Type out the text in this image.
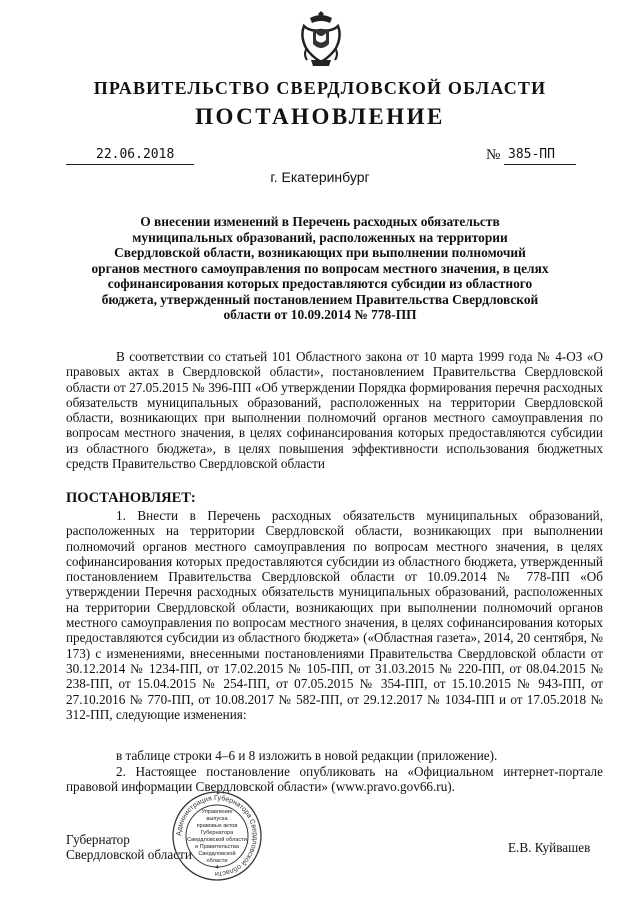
ПРАВИТЕЛЬСТВО СВЕРДЛОВСКОЙ ОБЛАСТИ
ПОСТАНОВЛЕНИЕ
22.06.2018	№ 385-ПП
г. Екатеринбург
О внесении изменений в Перечень расходных обязательств муниципальных образований, расположенных на территории Свердловской области, возникающих при выполнении полномочий органов местного самоуправления по вопросам местного значения, в целях софинансирования которых предоставляются субсидии из областного бюджета, утвержденный постановлением Правительства Свердловской области от 10.09.2014 № 778-ПП
В соответствии со статьей 101 Областного закона от 10 марта 1999 года № 4-ОЗ «О правовых актах в Свердловской области», постановлением Правительства Свердловской области от 27.05.2015 № 396-ПП «Об утверждении Порядка формирования перечня расходных обязательств муниципальных образований, расположенных на территории Свердловской области, возникающих при выполнении полномочий органов местного самоуправления по вопросам местного значения, в целях софинансирования которых предоставляются субсидии из областного бюджета», в целях повышения эффективности использования бюджетных средств Правительство Свердловской области
ПОСТАНОВЛЯЕТ:
1. Внести в Перечень расходных обязательств муниципальных образований, расположенных на территории Свердловской области, возникающих при выполнении полномочий органов местного самоуправления по вопросам местного значения, в целях софинансирования которых предоставляются субсидии из областного бюджета, утвержденный постановлением Правительства Свердловской области от 10.09.2014 № 778-ПП «Об утверждении Перечня расходных обязательств муниципальных образований, расположенных на территории Свердловской области, возникающих при выполнении полномочий органов местного самоуправления по вопросам местного значения, в целях софинансирования которых предоставляются субсидии из областного бюджета» («Областная газета», 2014, 20 сентября, № 173) с изменениями, внесенными постановлениями Правительства Свердловской области от 30.12.2014 № 1234-ПП, от 17.02.2015 № 105-ПП, от 31.03.2015 № 220-ПП, от 08.04.2015 № 238-ПП, от 15.04.2015 № 254-ПП, от 07.05.2015 № 354-ПП, от 15.10.2015 № 943-ПП, от 27.10.2016 № 770-ПП, от 10.08.2017 № 582-ПП, от 29.12.2017 № 1034-ПП и от 17.05.2018 № 312-ПП, следующие изменения:
в таблице строки 4–6 и 8 изложить в новой редакции (приложение).
2. Настоящее постановление опубликовать на «Официальном интернет-портале правовой информации Свердловской области» (www.pravo.gov66.ru).
Губернатор
Свердловской области	Е.В. Куйвашев
Администрация Губернатора Свердловской области
Управление
выпуска
правовых актов
Губернатора
Свердловской области
и Правительства
Свердловской
области
4
